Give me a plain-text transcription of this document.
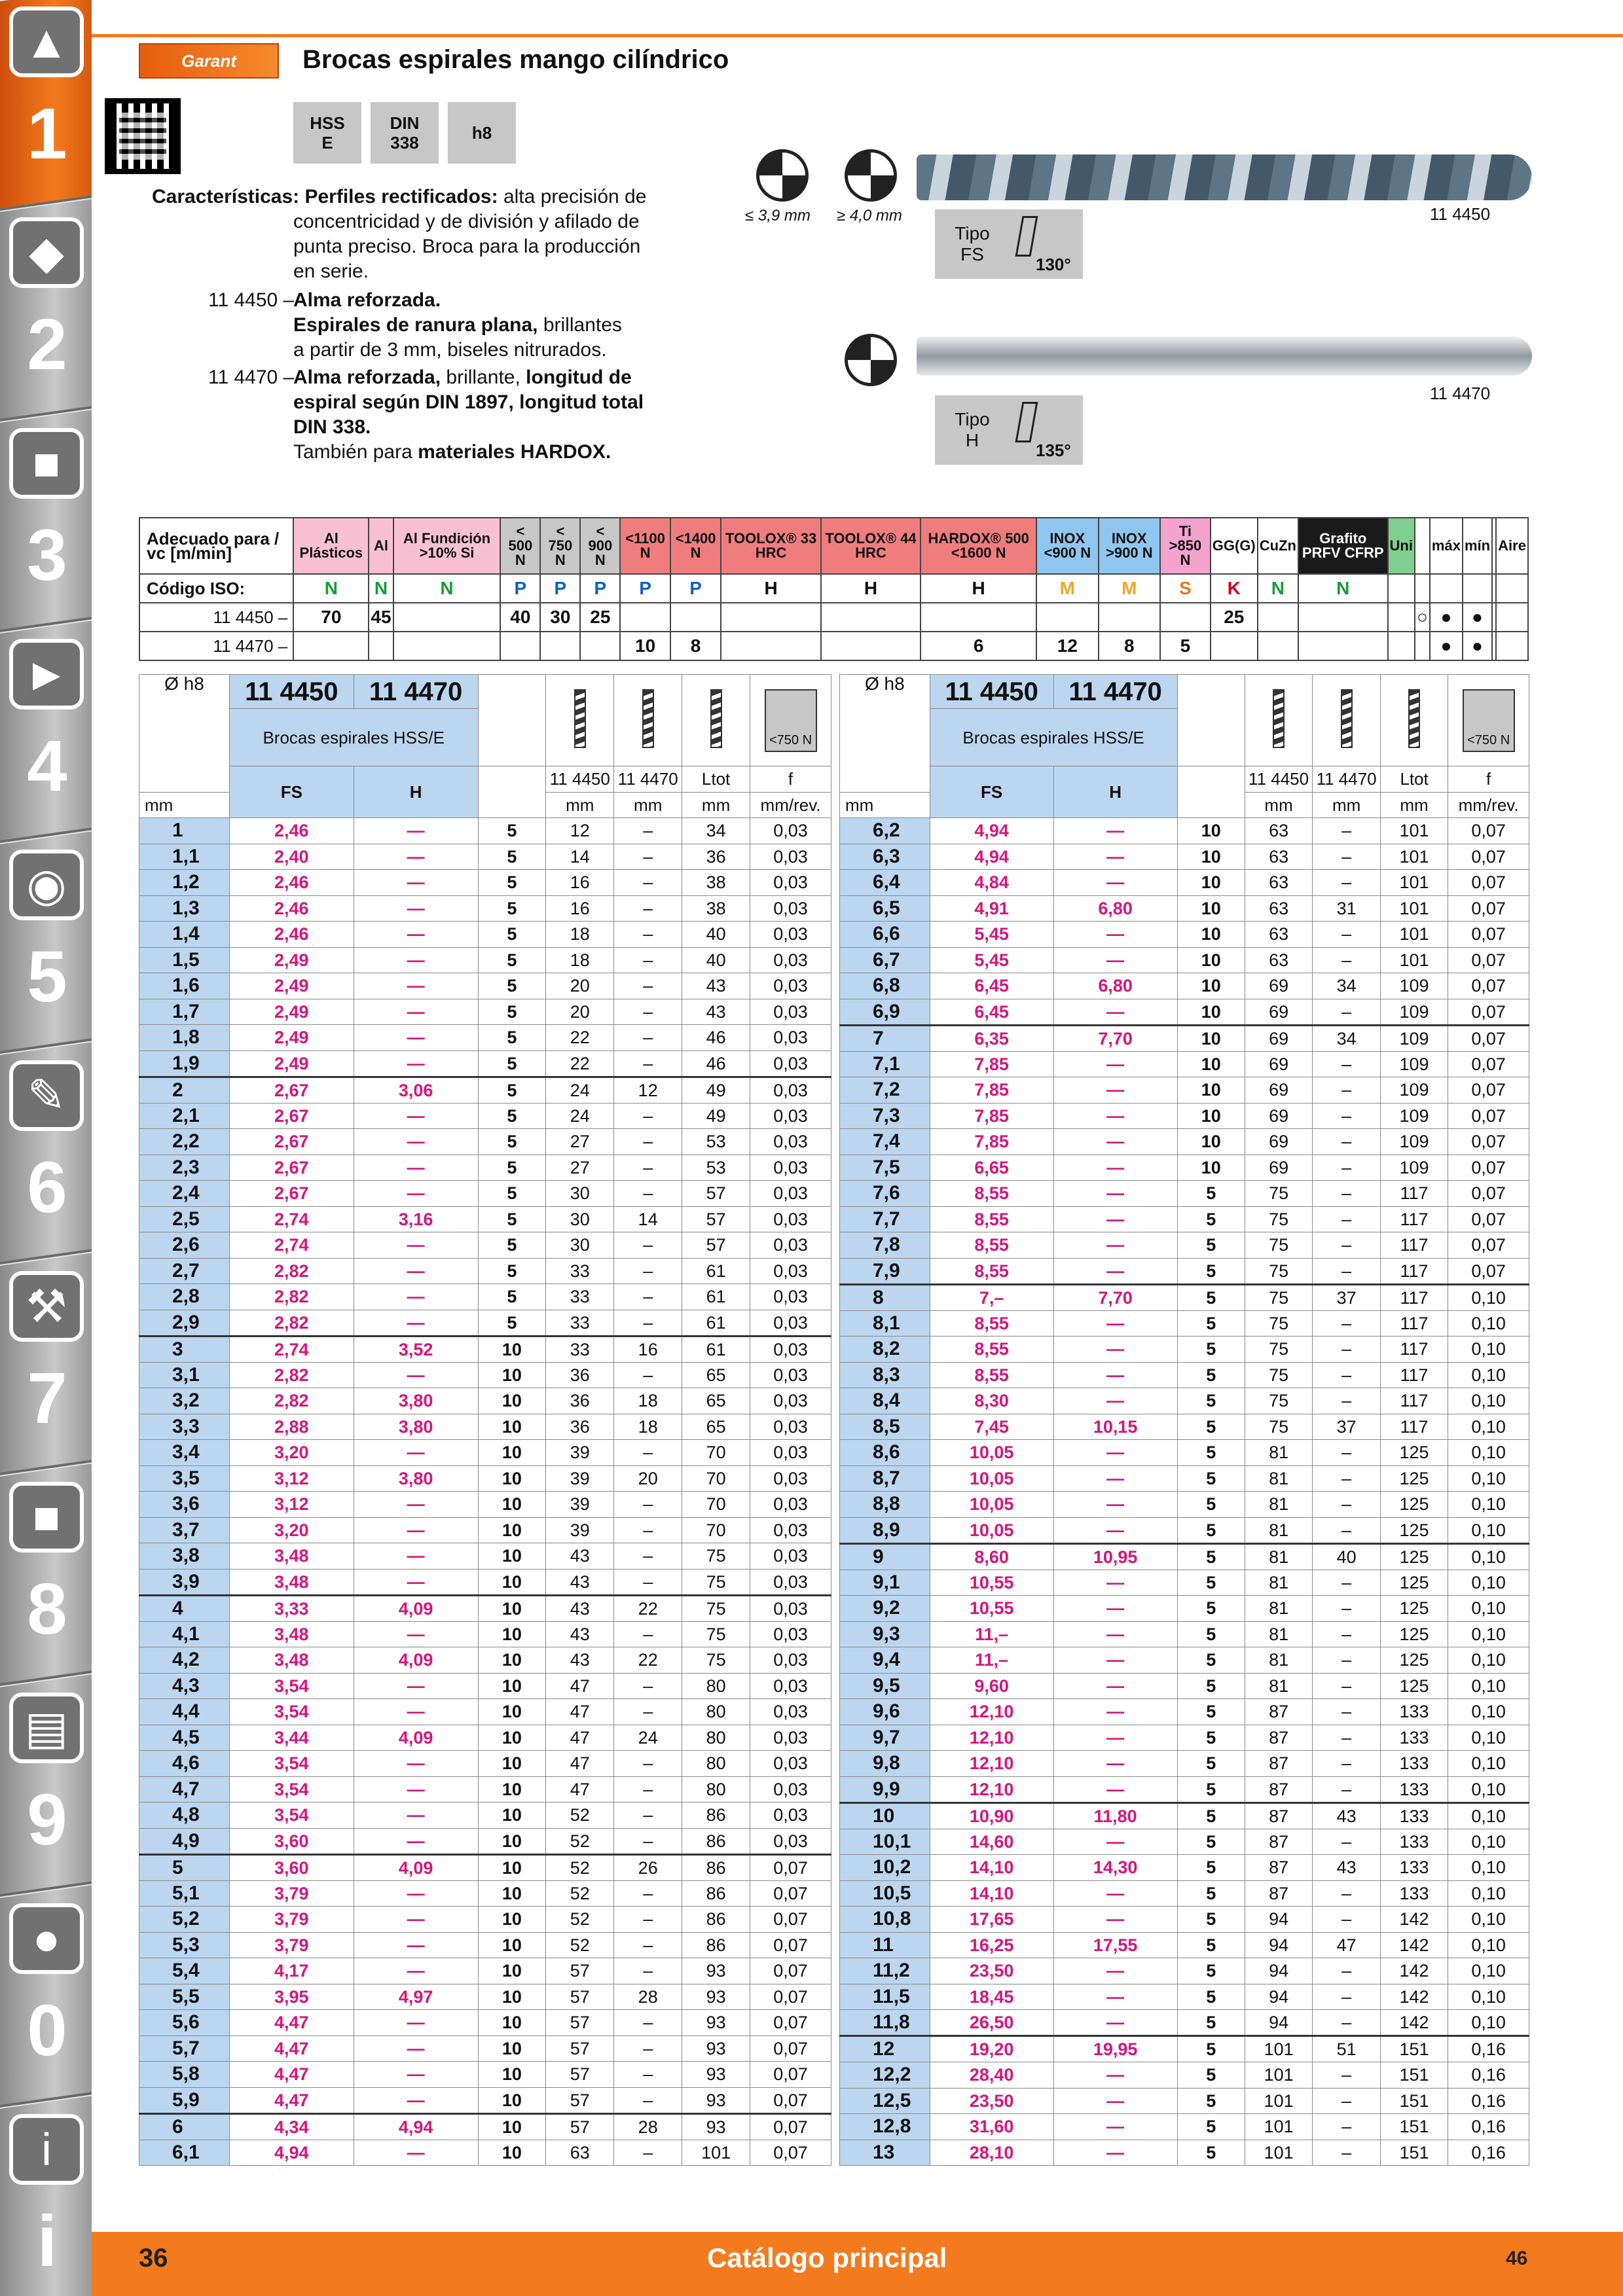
▲
1
◆
2
■
3
►
4
◉
5
✎
6
⚒
7
■
8
▤
9
●
0
i
i
Garant	Brocas espirales mango cilíndrico
HSS
E
DIN
338	h8
Características: Perfiles rectificados: alta precisión de
concentricidad y de división y afilado de
punta preciso. Broca para la producción
en serie.
11 4450 –
Alma reforzada.
Espirales de ranura plana, brillantes
a partir de 3 mm, biseles nitrurados.
11 4470 –
Alma reforzada, brillante, longitud de
espiral según DIN 1897, longitud total
DIN 338.
También para materiales HARDOX.
≤ 3,9 mm ≥ 4,0 mm	11 4450
Tipo
FS	130°
11 4470
Tipo
H	135°
Adecuado para / vc [m/min]	Al Plásticos	Al	Al Fundición >10% Si	< 500 N	< 750 N	< 900 N	<1100 N	<1400 N	TOOLOX® 33 HRC	TOOLOX® 44 HRC	HARDOX® 500 <1600 N	INOX <900 N	INOX >900 N	Ti >850 N	GG(G)	CuZn	Grafito PRFV CFRP	Uni		máx	mín		Aire
Código ISO:	N	N	N	P	P	P	P	P	H	H	H	M	M	S	K	N	N						
11 4450 –	70	45		40	30	25									25				○	●	●		
11 4470 –							10	8			6	12	8	5						●	●		
Ø h8	11 4450	11 4470					<750 N

	Brocas espirales HSS/E						
	FS	H		11 4450	11 4470	Ltot	f
mm				mm	mm	mm	mm/rev.
1	2,46	—	5	12	–	34	0,03
1,1	2,40	—	5	14	–	36	0,03
1,2	2,46	—	5	16	–	38	0,03
1,3	2,46	—	5	16	–	38	0,03
1,4	2,46	—	5	18	–	40	0,03
1,5	2,49	—	5	18	–	40	0,03
1,6	2,49	—	5	20	–	43	0,03
1,7	2,49	—	5	20	–	43	0,03
1,8	2,49	—	5	22	–	46	0,03
1,9	2,49	—	5	22	–	46	0,03
2	2,67	3,06	5	24	12	49	0,03
2,1	2,67	—	5	24	–	49	0,03
2,2	2,67	—	5	27	–	53	0,03
2,3	2,67	—	5	27	–	53	0,03
2,4	2,67	—	5	30	–	57	0,03
2,5	2,74	3,16	5	30	14	57	0,03
2,6	2,74	—	5	30	–	57	0,03
2,7	2,82	—	5	33	–	61	0,03
2,8	2,82	—	5	33	–	61	0,03
2,9	2,82	—	5	33	–	61	0,03
3	2,74	3,52	10	33	16	61	0,03
3,1	2,82	—	10	36	–	65	0,03
3,2	2,82	3,80	10	36	18	65	0,03
3,3	2,88	3,80	10	36	18	65	0,03
3,4	3,20	—	10	39	–	70	0,03
3,5	3,12	3,80	10	39	20	70	0,03
3,6	3,12	—	10	39	–	70	0,03
3,7	3,20	—	10	39	–	70	0,03
3,8	3,48	—	10	43	–	75	0,03
3,9	3,48	—	10	43	–	75	0,03
4	3,33	4,09	10	43	22	75	0,03
4,1	3,48	—	10	43	–	75	0,03
4,2	3,48	4,09	10	43	22	75	0,03
4,3	3,54	—	10	47	–	80	0,03
4,4	3,54	—	10	47	–	80	0,03
4,5	3,44	4,09	10	47	24	80	0,03
4,6	3,54	—	10	47	–	80	0,03
4,7	3,54	—	10	47	–	80	0,03
4,8	3,54	—	10	52	–	86	0,03
4,9	3,60	—	10	52	–	86	0,03
5	3,60	4,09	10	52	26	86	0,07
5,1	3,79	—	10	52	–	86	0,07
5,2	3,79	—	10	52	–	86	0,07
5,3	3,79	—	10	52	–	86	0,07
5,4	4,17	—	10	57	–	93	0,07
5,5	3,95	4,97	10	57	28	93	0,07
5,6	4,47	—	10	57	–	93	0,07
5,7	4,47	—	10	57	–	93	0,07
5,8	4,47	—	10	57	–	93	0,07
5,9	4,47	—	10	57	–	93	0,07
6	4,34	4,94	10	57	28	93	0,07
6,1	4,94	—	10	63	–	101	0,07
Ø h8	11 4450	11 4470					<750 N

	Brocas espirales HSS/E						
	FS	H		11 4450	11 4470	Ltot	f
mm				mm	mm	mm	mm/rev.
6,2	4,94	—	10	63	–	101	0,07
6,3	4,94	—	10	63	–	101	0,07
6,4	4,84	—	10	63	–	101	0,07
6,5	4,91	6,80	10	63	31	101	0,07
6,6	5,45	—	10	63	–	101	0,07
6,7	5,45	—	10	63	–	101	0,07
6,8	6,45	6,80	10	69	34	109	0,07
6,9	6,45	—	10	69	–	109	0,07
7	6,35	7,70	10	69	34	109	0,07
7,1	7,85	—	10	69	–	109	0,07
7,2	7,85	—	10	69	–	109	0,07
7,3	7,85	—	10	69	–	109	0,07
7,4	7,85	—	10	69	–	109	0,07
7,5	6,65	—	10	69	–	109	0,07
7,6	8,55	—	5	75	–	117	0,07
7,7	8,55	—	5	75	–	117	0,07
7,8	8,55	—	5	75	–	117	0,07
7,9	8,55	—	5	75	–	117	0,07
8	7,–	7,70	5	75	37	117	0,10
8,1	8,55	—	5	75	–	117	0,10
8,2	8,55	—	5	75	–	117	0,10
8,3	8,55	—	5	75	–	117	0,10
8,4	8,30	—	5	75	–	117	0,10
8,5	7,45	10,15	5	75	37	117	0,10
8,6	10,05	—	5	81	–	125	0,10
8,7	10,05	—	5	81	–	125	0,10
8,8	10,05	—	5	81	–	125	0,10
8,9	10,05	—	5	81	–	125	0,10
9	8,60	10,95	5	81	40	125	0,10
9,1	10,55	—	5	81	–	125	0,10
9,2	10,55	—	5	81	–	125	0,10
9,3	11,–	—	5	81	–	125	0,10
9,4	11,–	—	5	81	–	125	0,10
9,5	9,60	—	5	81	–	125	0,10
9,6	12,10	—	5	87	–	133	0,10
9,7	12,10	—	5	87	–	133	0,10
9,8	12,10	—	5	87	–	133	0,10
9,9	12,10	—	5	87	–	133	0,10
10	10,90	11,80	5	87	43	133	0,10
10,1	14,60	—	5	87	–	133	0,10
10,2	14,10	14,30	5	87	43	133	0,10
10,5	14,10	—	5	87	–	133	0,10
10,8	17,65	—	5	94	–	142	0,10
11	16,25	17,55	5	94	47	142	0,10
11,2	23,50	—	5	94	–	142	0,10
11,5	18,45	—	5	94	–	142	0,10
11,8	26,50	—	5	94	–	142	0,10
12	19,20	19,95	5	101	51	151	0,16
12,2	28,40	—	5	101	–	151	0,16
12,5	23,50	—	5	101	–	151	0,16
12,8	31,60	—	5	101	–	151	0,16
13	28,10	—	5	101	–	151	0,16
36	Catálogo principal	46
